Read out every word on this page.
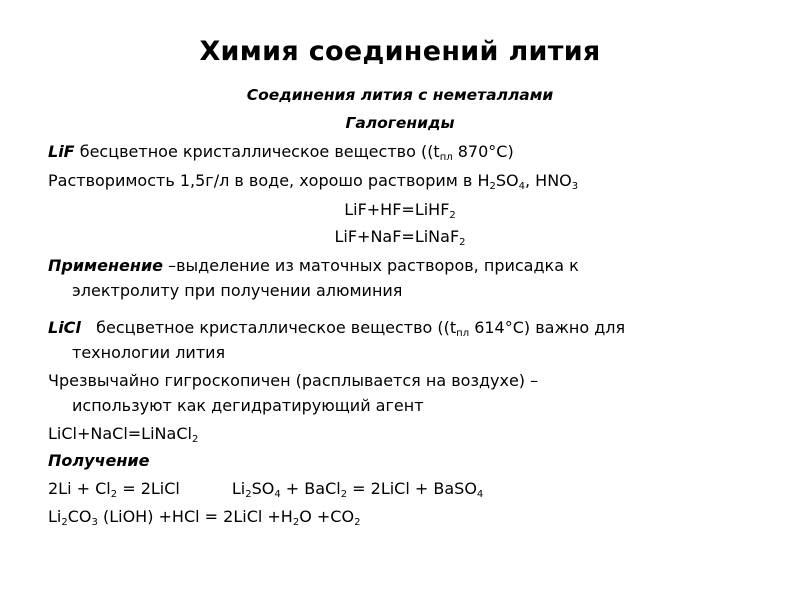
Химия соединений лития
Соединения лития с неметаллами
Галогениды
LiF бесцветное кристаллическое вещество (($t_{пл}$ 870°С)
Растворимость 1,5г/л в воде, хорошо растворим в $H_2SO_4$, $HNO_3$
LiF+HF=LiHF$_2$
LiF+NaF=LiNaF$_2$
Применение –выделение из маточных растворов, присадка к
электролиту при получении алюминия
LiCl   бесцветное кристаллическое вещество (($t_{пл}$ 614°С) важно для
технологии лития
Чрезвычайно гигроскопичен (расплывается на воздухе) –
используют как дегидратирующий агент
LiCl+NaCl=LiNaCl$_2$
Получение
$2Li + Cl_2$ = 2LiCl	$Li_2SO_4$ + BaCl$_2$ = 2LiCl + BaSO$_4$
$Li_2CO_3$ (LiOH) +HCl = 2LiCl $+H_2O +CO_2$
